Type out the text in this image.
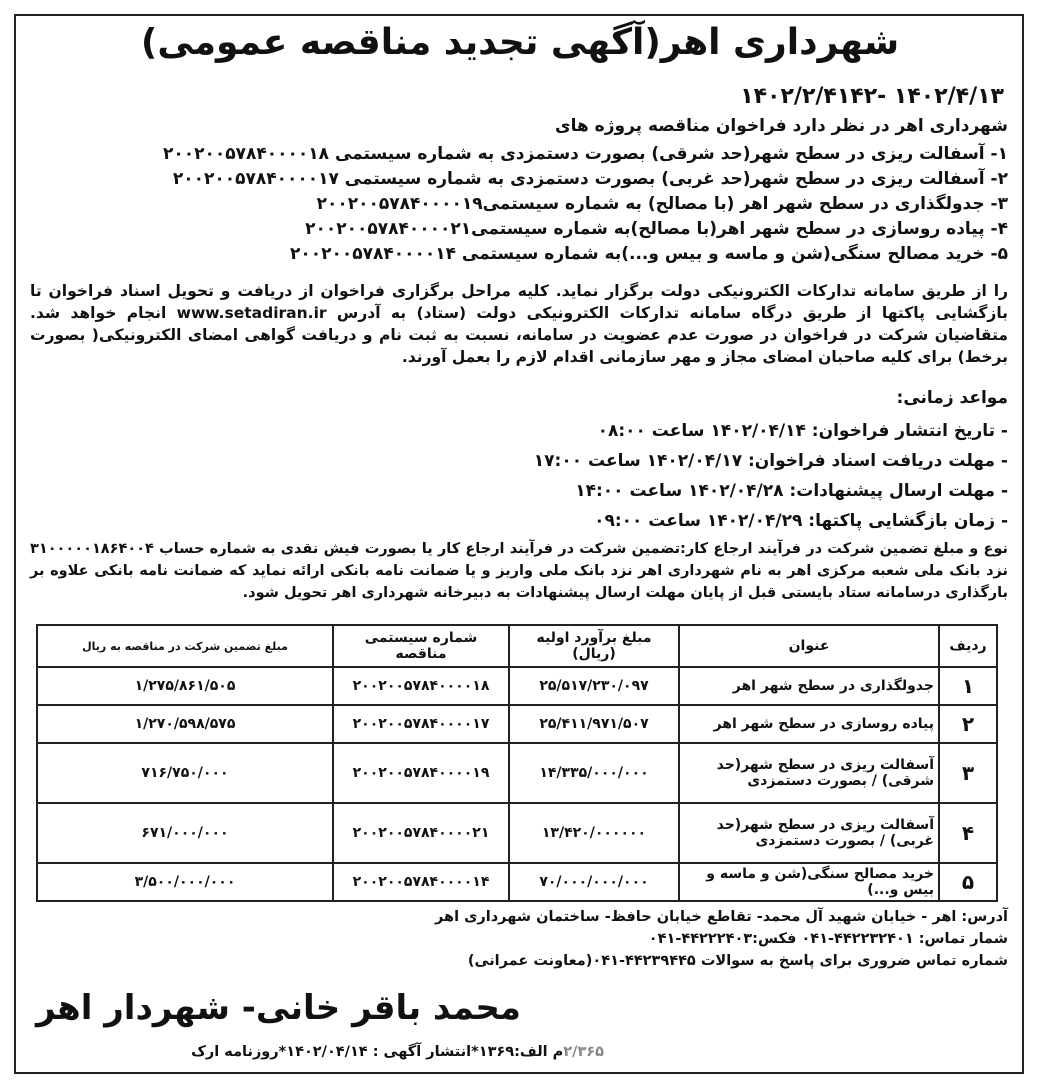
شهرداری اهر(آگهی تجدید مناقصه عمومی)
۱۴۰۲/۴/۱۳ -۱۴۰۲/۲/۴۱۴۲
شهرداری اهر در نظر دارد فراخوان مناقصه پروژه های
۱- آسفالت ریزی در سطح شهر(حد شرقی) بصورت دستمزدی به شماره سیستمی ۲۰۰۲۰۰۵۷۸۴۰۰۰۰۱۸
۲- آسفالت ریزی در سطح شهر(حد غربی) بصورت دستمزدی به شماره سیستمی ۲۰۰۲۰۰۵۷۸۴۰۰۰۰۱۷
۳- جدولگذاری در سطح شهر اهر (با مصالح) به شماره سیستمی۲۰۰۲۰۰۵۷۸۴۰۰۰۰۱۹
۴- پیاده روسازی در سطح شهر اهر(با مصالح)به شماره سیستمی۲۰۰۲۰۰۵۷۸۴۰۰۰۰۲۱
۵- خرید مصالح سنگی(شن و ماسه و بیس و...)به شماره سیستمی ۲۰۰۲۰۰۵۷۸۴۰۰۰۰۱۴
را از طریق سامانه تدارکات الکترونیکی دولت برگزار نماید. کلیه مراحل برگزاری فراخوان از دریافت و تحویل اسناد فراخوان تا بازگشایی پاکتها از طریق درگاه سامانه تدارکات الکترونیکی دولت (ستاد) به آدرس www.setadiran.ir انجام خواهد شد. متقاضیان شرکت در فراخوان در صورت عدم عضویت در سامانه، نسبت به ثبت نام و دریافت گواهی امضای الکترونیکی( بصورت برخط) برای کلیه صاحبان امضای مجاز و مهر سازمانی اقدام لازم را بعمل آورند.
مواعد زمانی:
- تاریخ انتشار فراخوان: ۱۴۰۲/۰۴/۱۴ ساعت ۰۸:۰۰
- مهلت دریافت اسناد فراخوان: ۱۴۰۲/۰۴/۱۷ ساعت ۱۷:۰۰
- مهلت ارسال پیشنهادات: ۱۴۰۲/۰۴/۲۸ ساعت ۱۴:۰۰
- زمان بازگشایی پاکتها: ۱۴۰۲/۰۴/۲۹ ساعت ۰۹:۰۰
نوع و مبلغ تضمین شرکت در فرآیند ارجاع کار:تضمین شرکت در فرآیند ارجاع کار یا بصورت فیش نقدی به شماره حساب ۳۱۰۰۰۰۰۱۸۶۴۰۰۴ نزد بانک ملی شعبه مرکزی اهر به نام شهرداری اهر نزد بانک ملی واریز و یا ضمانت نامه بانکی ارائه نماید که ضمانت نامه بانکی علاوه بر بارگذاری درسامانه ستاد بایستی قبل از پایان مهلت ارسال پیشنهادات به دبیرخانه شهرداری اهر تحویل شود.
ردیف	عنوان	مبلغ برآورد اولیه (ریال)	شماره سیستمی مناقصه	مبلغ تضمین شرکت در مناقصه به ریال
۱	جدولگذاری در سطح شهر اهر	۲۵/۵۱۷/۲۳۰/۰۹۷	۲۰۰۲۰۰۵۷۸۴۰۰۰۰۱۸	۱/۲۷۵/۸۶۱/۵۰۵
۲	پیاده روسازی در سطح شهر اهر	۲۵/۴۱۱/۹۷۱/۵۰۷	۲۰۰۲۰۰۵۷۸۴۰۰۰۰۱۷	۱/۲۷۰/۵۹۸/۵۷۵
۳	آسفالت ریزی در سطح شهر(حد شرقی) / بصورت دستمزدی	۱۴/۳۳۵/۰۰۰/۰۰۰	۲۰۰۲۰۰۵۷۸۴۰۰۰۰۱۹	۷۱۶/۷۵۰/۰۰۰
۴	آسفالت ریزی در سطح شهر(حد غربی) / بصورت دستمزدی	۱۳/۴۲۰/۰۰۰۰۰۰	۲۰۰۲۰۰۵۷۸۴۰۰۰۰۲۱	۶۷۱/۰۰۰/۰۰۰
۵	خرید مصالح سنگی(شن و ماسه و بیس و...)	۷۰/۰۰۰/۰۰۰/۰۰۰	۲۰۰۲۰۰۵۷۸۴۰۰۰۰۱۴	۳/۵۰۰/۰۰۰/۰۰۰
آدرس: اهر - خیابان شهید آل محمد- تقاطع خیابان حافظ- ساختمان شهرداری اهر
شمار تماس: ۴۴۲۲۳۲۴۰۱-۰۴۱ فکس:۴۴۲۲۲۴۰۳-۰۴۱
شماره تماس ضروری برای پاسخ به سوالات ۴۴۲۳۹۴۴۵-۰۴۱(معاونت عمرانی)
محمد باقر خانی- شهردار اهر
۲/۳۶۵م الف:۱۳۶۹*انتشار آگهی : ۱۴۰۲/۰۴/۱۴*روزنامه ارک
